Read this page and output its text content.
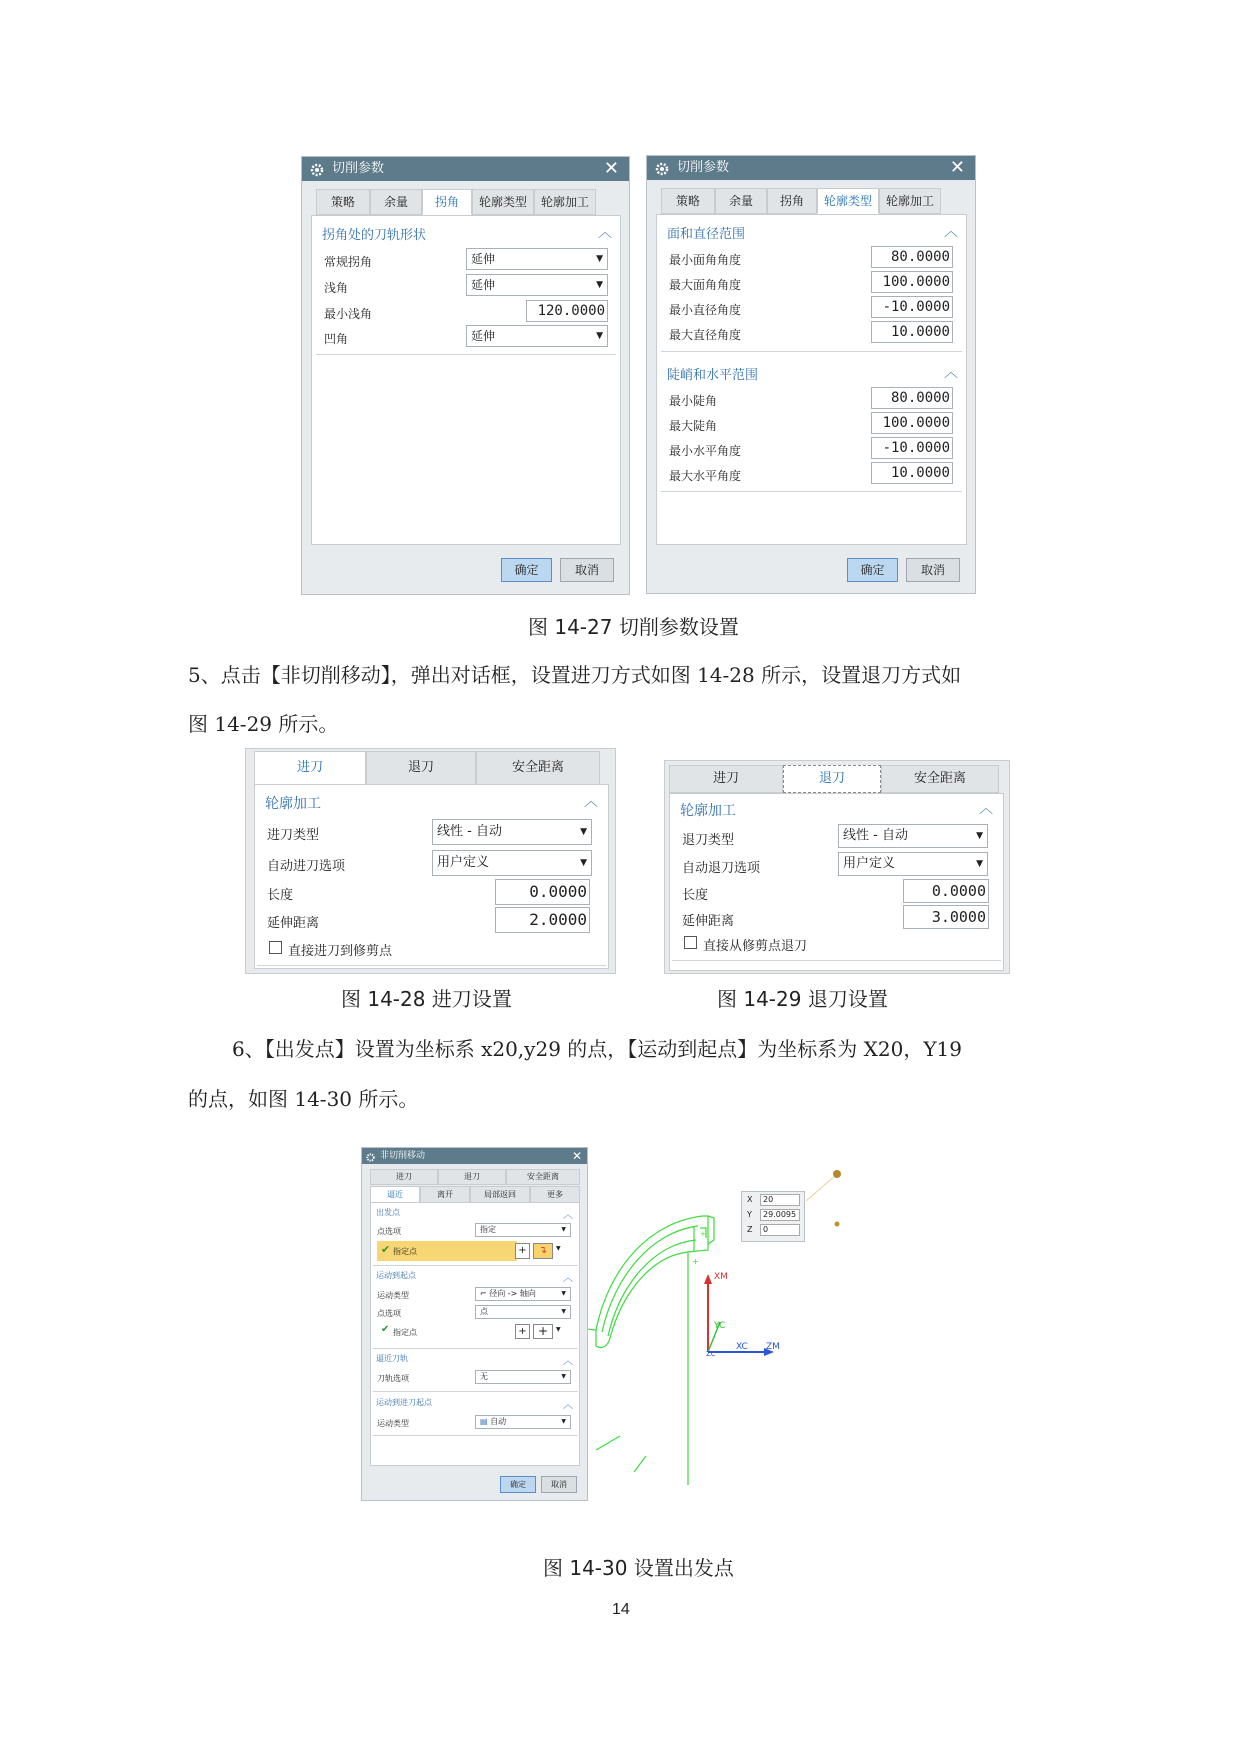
切削参数	✕
策略	余量	拐角	轮廓类型	轮廓加工
拐角处的刀轨形状	︿
常规拐角	延伸	▼
浅角	延伸	▼
最小浅角	120.0000
凹角	延伸	▼
确定	取消
切削参数	✕
策略	余量	拐角	轮廓类型	轮廓加工
面和直径范围	︿
最小面角角度	80.0000
最大面角角度	100.0000
最小直径角度	-10.0000
最大直径角度	10.0000
陡峭和水平范围	︿
最小陡角	80.0000
最大陡角	100.0000
最小水平角度	-10.0000
最大水平角度	10.0000
确定	取消
图 14-27 切削参数设置
5、点击【非切削移动】，弹出对话框，设置进刀方式如图 14-28 所示，设置退刀方式如
图 14-29 所示。
进刀	退刀	安全距离
轮廓加工	︿
进刀类型	线性 - 自动	▼
自动进刀选项	用户定义	▼
长度	0.0000
延伸距离	2.0000
直接进刀到修剪点
进刀	退刀	安全距离
轮廓加工	︿
退刀类型	线性 - 自动	▼
自动退刀选项	用户定义	▼
长度	0.0000
延伸距离	3.0000
直接从修剪点退刀
图 14-28 进刀设置	图 14-29 退刀设置
6、【出发点】设置为坐标系 x20,y29 的点，【运动到起点】为坐标系为 X20，Y19
的点，如图 14-30 所示。
非切削移动	✕
进刀	退刀	安全距离
逼近	离开	局部返回	更多
出发点	︿
点选项	指定	▼
✔ 指定点	+	↴	▼
运动到起点	︿
运动类型	⌐ 径向 -> 轴向	▼
点选项	点	▼
✔ 指定点	+ +	▼
逼近刀轨	︿
刀轨选项	无	▼
运动到进刀起点	︿
运动类型	▤ 自动	▼
确定	取消
+
+
XM
YC
XC ZM
ZC
X	20
Y	29.0095
Z	0
图 14-30 设置出发点
14
